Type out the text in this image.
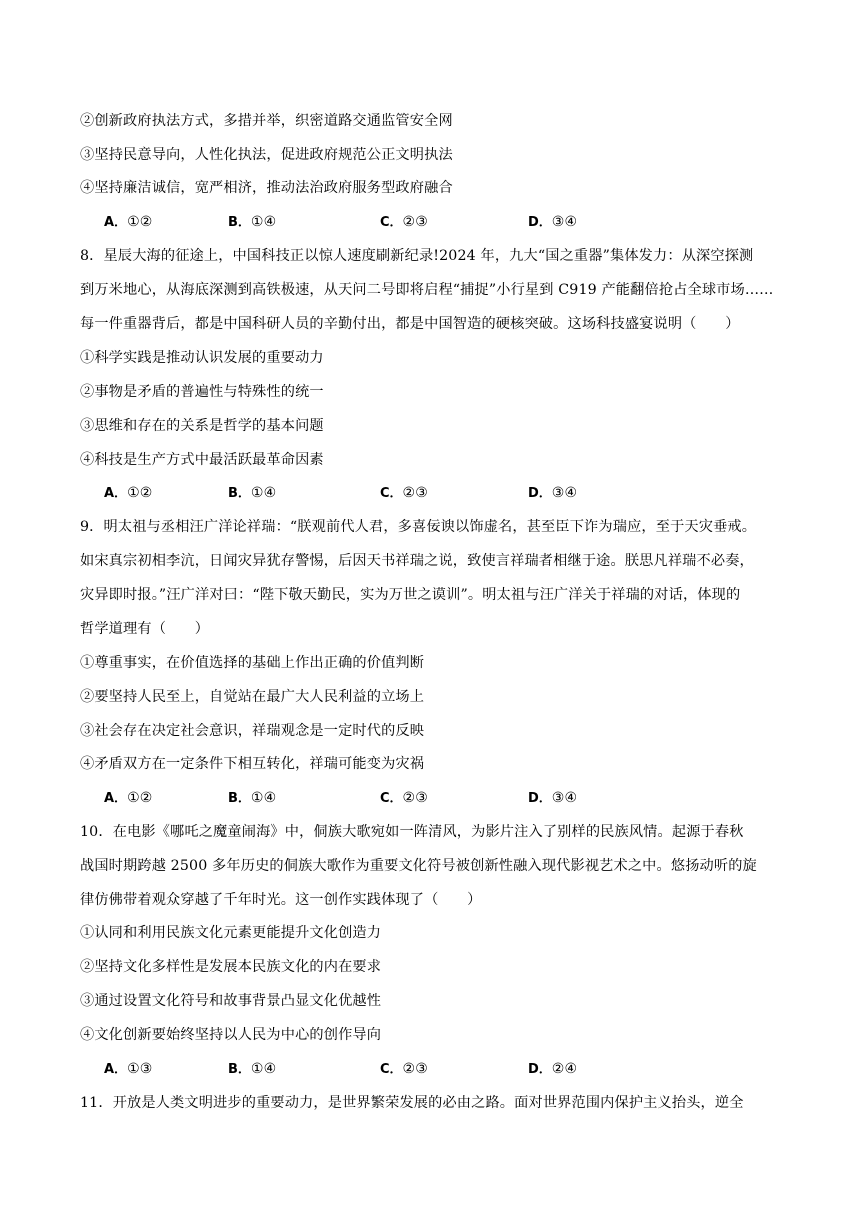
②创新政府执法方式，多措并举，织密道路交通监管安全网
③坚持民意导向，人性化执法，促进政府规范公正文明执法
④坚持廉洁诚信，宽严相济，推动法治政府服务型政府融合
A．①②	B．①④	C．②③	D．③④
8．星辰大海的征途上，中国科技正以惊人速度刷新纪录!2024 年，九大“国之重器”集体发力：从深空探测
到万米地心，从海底深测到高铁极速，从天问二号即将启程“捕捉”小行星到 C919 产能翻倍抢占全球市场……
每一件重器背后，都是中国科研人员的辛勤付出，都是中国智造的硬核突破。这场科技盛宴说明（　　）
①科学实践是推动认识发展的重要动力
②事物是矛盾的普遍性与特殊性的统一
③思维和存在的关系是哲学的基本问题
④科技是生产方式中最活跃最革命因素
A．①②	B．①④	C．②③	D．③④
9．明太祖与丞相汪广洋论祥瑞：“朕观前代人君，多喜佞谀以饰虚名，甚至臣下诈为瑞应，至于天灾垂戒。
如宋真宗初相李沆，日闻灾异犹存警惕，后因天书祥瑞之说，致使言祥瑞者相继于途。朕思凡祥瑞不必奏，
灾异即时报。”汪广洋对曰：“陛下敬天勤民，实为万世之谟训”。明太祖与汪广洋关于祥瑞的对话，体现的
哲学道理有（　　）
①尊重事实，在价值选择的基础上作出正确的价值判断
②要坚持人民至上，自觉站在最广大人民利益的立场上
③社会存在决定社会意识，祥瑞观念是一定时代的反映
④矛盾双方在一定条件下相互转化，祥瑞可能变为灾祸
A．①②	B．①④	C．②③	D．③④
10．在电影《哪吒之魔童闹海》中，侗族大歌宛如一阵清风，为影片注入了别样的民族风情。起源于春秋
战国时期跨越 2500 多年历史的侗族大歌作为重要文化符号被创新性融入现代影视艺术之中。悠扬动听的旋
律仿佛带着观众穿越了千年时光。这一创作实践体现了（　　）
①认同和利用民族文化元素更能提升文化创造力
②坚持文化多样性是发展本民族文化的内在要求
③通过设置文化符号和故事背景凸显文化优越性
④文化创新要始终坚持以人民为中心的创作导向
A．①③	B．①④	C．②③	D．②④
11．开放是人类文明进步的重要动力，是世界繁荣发展的必由之路。面对世界范围内保护主义抬头，逆全
